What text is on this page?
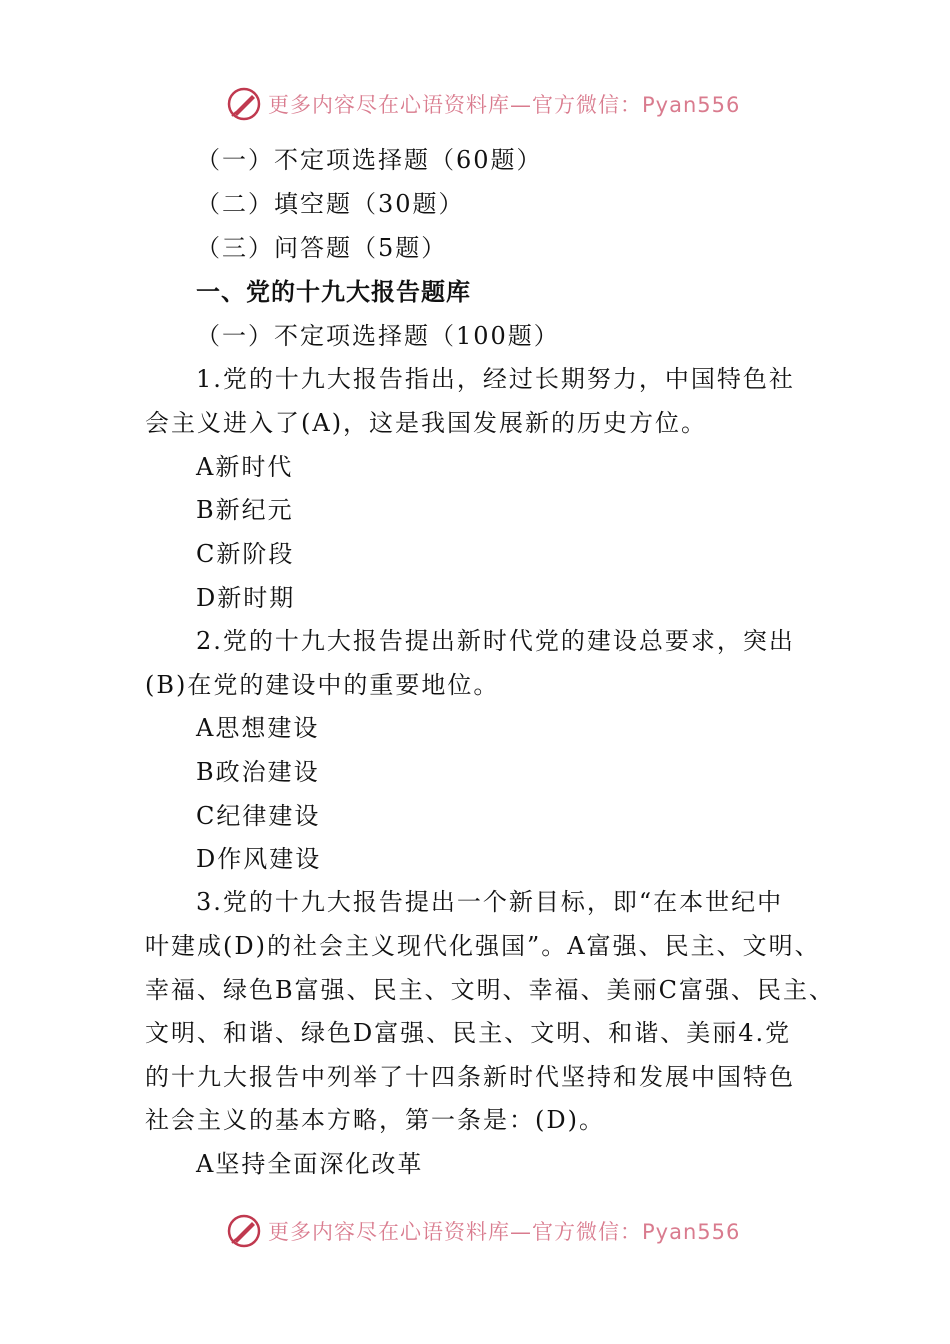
更多内容尽在心语资料库—官方微信：Pyan556
（一）不定项选择题（60题）
（二）填空题（30题）
（三）问答题（5题）
一、党的十九大报告题库
（一）不定项选择题（100题）
1.党的十九大报告指出，经过长期努力，中国特色社
会主义进入了(A)，这是我国发展新的历史方位。
A新时代
B新纪元
C新阶段
D新时期
2.党的十九大报告提出新时代党的建设总要求，突出
(B)在党的建设中的重要地位。
A思想建设
B政治建设
C纪律建设
D作风建设
3.党的十九大报告提出一个新目标，即“在本世纪中
叶建成(D)的社会主义现代化强国”。A富强、民主、文明、
幸福、绿色B富强、民主、文明、幸福、美丽C富强、民主、
文明、和谐、绿色D富强、民主、文明、和谐、美丽4.党
的十九大报告中列举了十四条新时代坚持和发展中国特色
社会主义的基本方略，第一条是：(D)。
A坚持全面深化改革
更多内容尽在心语资料库—官方微信：Pyan556
